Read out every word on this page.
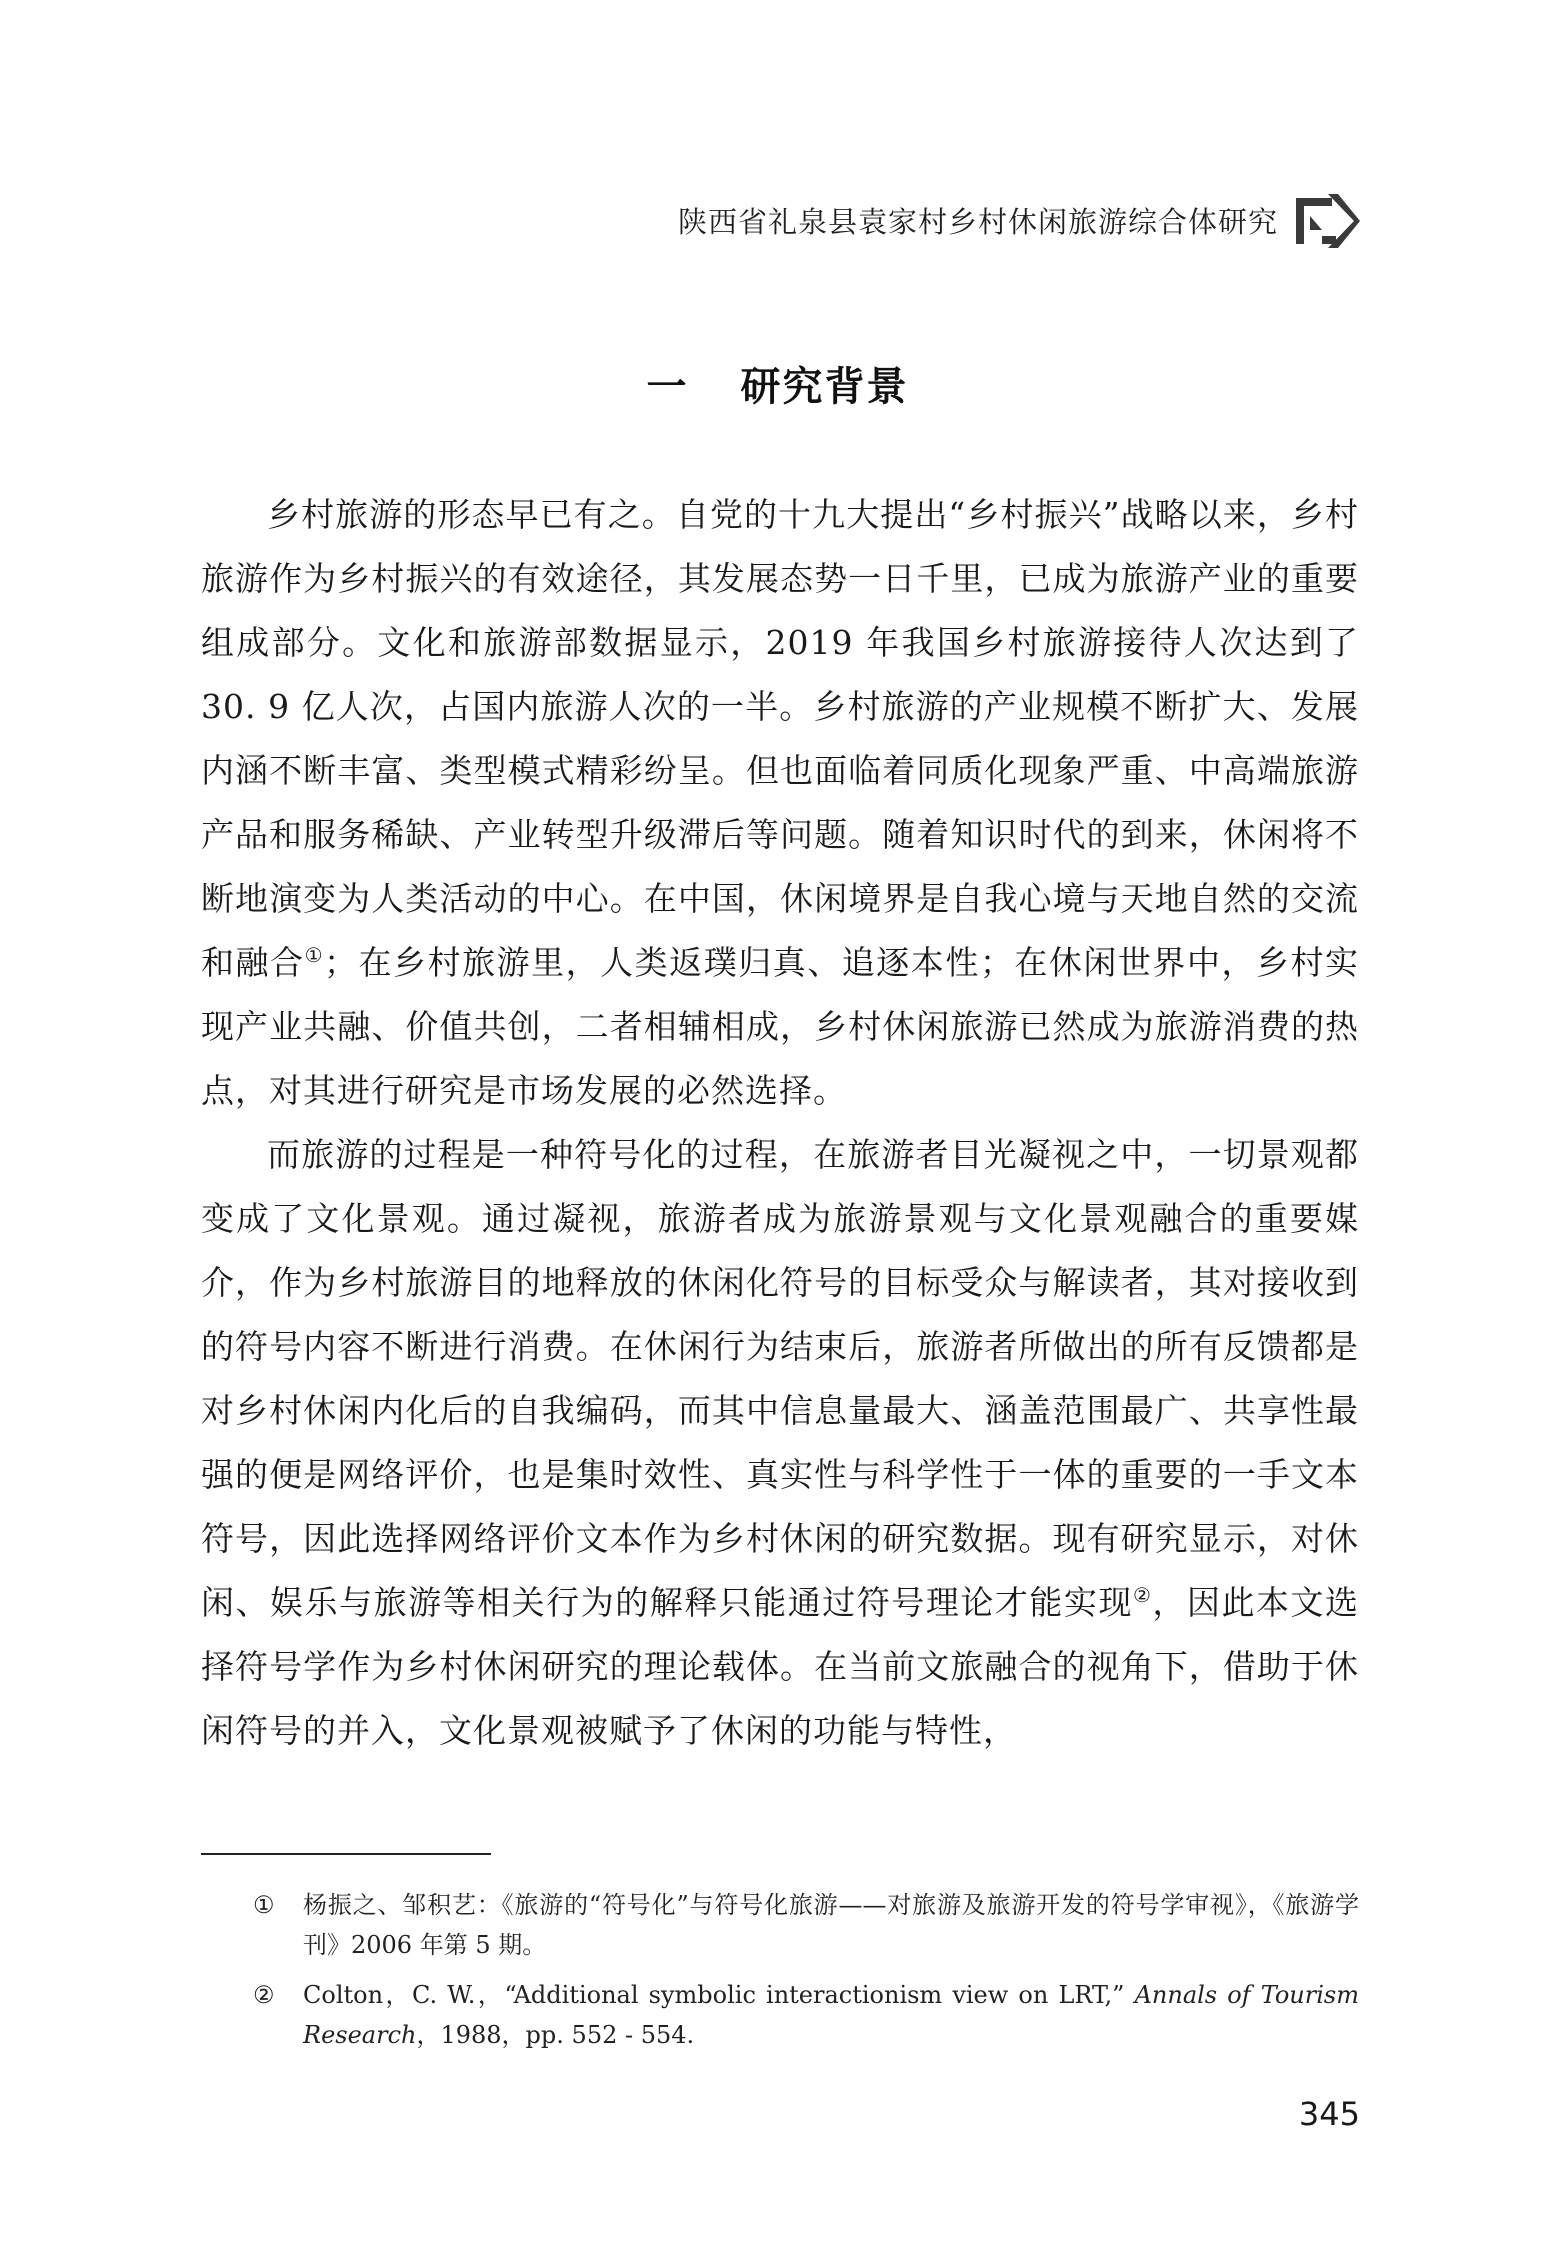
陕西省礼泉县袁家村乡村休闲旅游综合体研究
一 研究背景

乡村旅游的形态早已有之。自党的十九大提出“乡村振兴”战略以来，乡村旅游作为乡村振兴的有效途径，其发展态势一日千里，已成为旅游产业的重要组成部分。文化和旅游部数据显示，2019 年我国乡村旅游接待人次达到了 30. 9 亿人次，占国内旅游人次的一半。乡村旅游的产业规模不断扩大、发展内涵不断丰富、类型模式精彩纷呈。但也面临着同质化现象严重、中高端旅游产品和服务稀缺、产业转型升级滞后等问题。随着知识时代的到来，休闲将不断地演变为人类活动的中心。在中国，休闲境界是自我心境与天地自然的交流和融合①；在乡村旅游里，人类返璞归真、追逐本性；在休闲世界中，乡村实现产业共融、价值共创，二者相辅相成，乡村休闲旅游已然成为旅游消费的热点，对其进行研究是市场发展的必然选择。

而旅游的过程是一种符号化的过程，在旅游者目光凝视之中，一切景观都变成了文化景观。通过凝视，旅游者成为旅游景观与文化景观融合的重要媒介，作为乡村旅游目的地释放的休闲化符号的目标受众与解读者，其对接收到的符号内容不断进行消费。在休闲行为结束后，旅游者所做出的所有反馈都是对乡村休闲内化后的自我编码，而其中信息量最大、涵盖范围最广、共享性最强的便是网络评价，也是集时效性、真实性与科学性于一体的重要的一手文本符号，因此选择网络评价文本作为乡村休闲的研究数据。现有研究显示，对休闲、娱乐与旅游等相关行为的解释只能通过符号理论才能实现②，因此本文选择符号学作为乡村休闲研究的理论载体。在当前文旅融合的视角下，借助于休闲符号的并入，文化景观被赋予了休闲的功能与特性，

① 杨振之、邹积艺：《旅游的“符号化”与符号化旅游——对旅游及旅游开发的符号学审视》，《旅游学刊》2006 年第 5 期。
② Colton，C. W.，“Additional symbolic interactionism view on LRT,” Annals of Tourism Research，1988，pp. 552 - 554.
345
